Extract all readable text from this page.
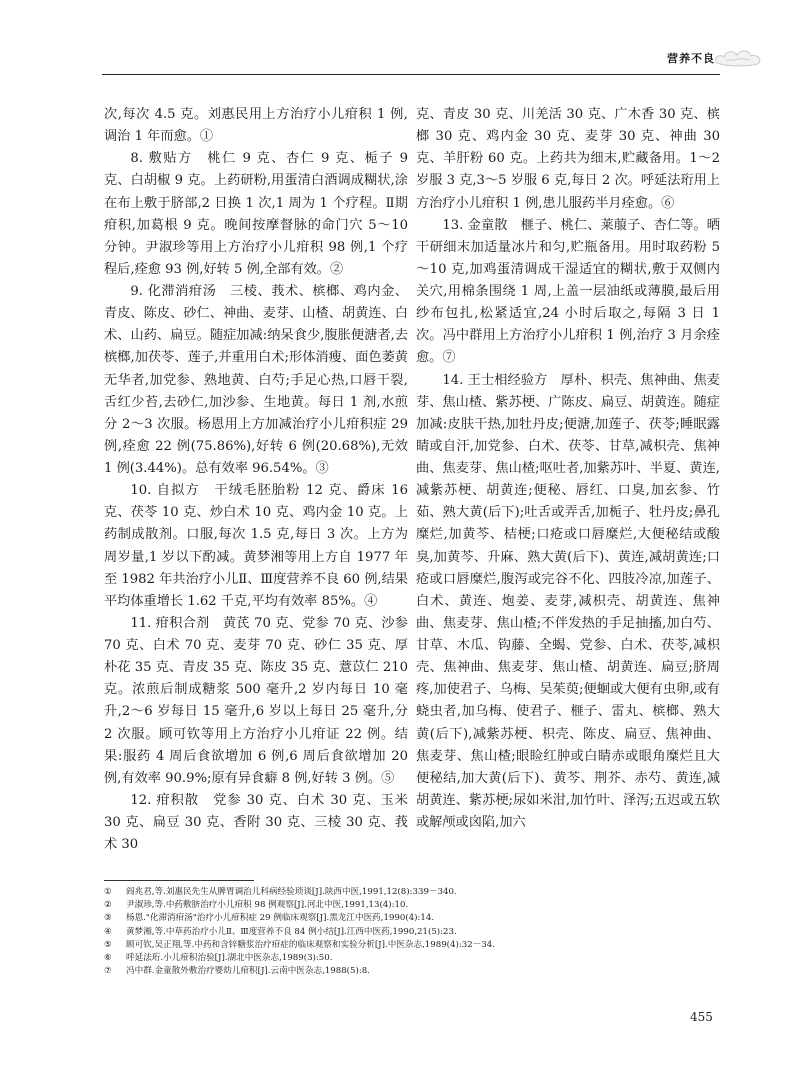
营养不良

次,每次 4.5 克。刘惠民用上方治疗小儿疳积 1 例,调治 1 年而愈。①

8. 敷贴方　桃仁 9 克、杏仁 9 克、栀子 9 克、白胡椒 9 克。上药研粉,用蛋清白酒调成糊状,涂在布上敷于脐部,2 日换 1 次,1 周为 1 个疗程。Ⅱ期疳积,加葛根 9 克。晚间按摩督脉的命门穴 5～10 分钟。尹淑珍等用上方治疗小儿疳积 98 例,1 个疗程后,痊愈 93 例,好转 5 例,全部有效。②

9. 化滞消疳汤　三棱、莪术、槟榔、鸡内金、青皮、陈皮、砂仁、神曲、麦芽、山楂、胡黄连、白术、山药、扁豆。随症加减:纳呆食少,腹胀便溏者,去槟榔,加茯苓、莲子,并重用白术;形体消瘦、面色萎黄无华者,加党参、熟地黄、白芍;手足心热,口唇干裂,舌红少苔,去砂仁,加沙参、生地黄。每日 1 剂,水煎分 2～3 次服。杨恩用上方加减治疗小儿疳积症 29 例,痊愈 22 例(75.86%),好转 6 例(20.68%),无效 1 例(3.44%)。总有效率 96.54%。③

10. 自拟方　干绒毛胚胎粉 12 克、爵床 16 克、茯苓 10 克、炒白术 10 克、鸡内金 10 克。上药制成散剂。口服,每次 1.5 克,每日 3 次。上方为周岁量,1 岁以下酌减。黄梦湘等用上方自 1977 年至 1982 年共治疗小儿Ⅱ、Ⅲ度营养不良 60 例,结果平均体重增长 1.62 千克,平均有效率 85%。④

11. 疳积合剂　黄芪 70 克、党参 70 克、沙参 70 克、白术 70 克、麦芽 70 克、砂仁 35 克、厚朴花 35 克、青皮 35 克、陈皮 35 克、薏苡仁 210 克。浓煎后制成糖浆 500 毫升,2 岁内每日 10 毫升,2～6 岁每日 15 毫升,6 岁以上每日 25 毫升,分 2 次服。顾可钦等用上方治疗小儿疳证 22 例。结果:服药 4 周后食欲增加 6 例,6 周后食欲增加 20 例,有效率 90.9%;原有异食癖 8 例,好转 3 例。⑤

12. 疳积散　党参 30 克、白术 30 克、玉米 30 克、扁豆 30 克、香附 30 克、三棱 30 克、莪术 30

克、青皮 30 克、川羌活 30 克、广木香 30 克、槟榔 30 克、鸡内金 30 克、麦芽 30 克、神曲 30 克、羊肝粉 60 克。上药共为细末,贮藏备用。1～2 岁服 3 克,3～5 岁服 6 克,每日 2 次。呼延法珩用上方治疗小儿疳积 1 例,患儿服药半月痊愈。⑥

13. 金童散　榧子、桃仁、莱菔子、杏仁等。晒干研细末加适量冰片和匀,贮瓶备用。用时取药粉 5～10 克,加鸡蛋清调成干湿适宜的糊状,敷于双侧内关穴,用棉条围绕 1 周,上盖一层油纸或薄膜,最后用纱布包扎,松紧适宜,24 小时后取之,每隔 3 日 1 次。冯中群用上方治疗小儿疳积 1 例,治疗 3 月余痊愈。⑦

14. 王士相经验方　厚朴、枳壳、焦神曲、焦麦芽、焦山楂、紫苏梗、广陈皮、扁豆、胡黄连。随症加减:皮肤干热,加牡丹皮;便溏,加莲子、茯苓;睡眠露睛或自汗,加党参、白术、茯苓、甘草,减枳壳、焦神曲、焦麦芽、焦山楂;呕吐者,加紫苏叶、半夏、黄连,减紫苏梗、胡黄连;便秘、唇红、口臭,加玄参、竹茹、熟大黄(后下);吐舌或弄舌,加栀子、牡丹皮;鼻孔糜烂,加黄芩、桔梗;口疮或口唇糜烂,大便秘结或酸臭,加黄芩、升麻、熟大黄(后下)、黄连,减胡黄连;口疮或口唇糜烂,腹泻或完谷不化、四肢冷凉,加莲子、白术、黄连、炮姜、麦芽,减枳壳、胡黄连、焦神曲、焦麦芽、焦山楂;不伴发热的手足抽搐,加白芍、甘草、木瓜、钩藤、全蝎、党参、白术、茯苓,减枳壳、焦神曲、焦麦芽、焦山楂、胡黄连、扁豆;脐周疼,加使君子、乌梅、吴茱萸;便蛔或大便有虫卵,或有蛲虫者,加乌梅、使君子、榧子、雷丸、槟榔、熟大黄(后下),减紫苏梗、枳壳、陈皮、扁豆、焦神曲、焦麦芽、焦山楂;眼睑红肿或白睛赤或眼角糜烂且大便秘结,加大黄(后下)、黄芩、荆芥、赤芍、黄连,减胡黄连、紫苏梗;尿如米泔,加竹叶、泽泻;五迟或五软或解颅或囟陷,加六

① 阎兆君,等.刘惠民先生从脾胃调治儿科病经验琐谈[J].陕西中医,1991,12(8):339－340.
② 尹淑珍,等.中药敷脐治疗小儿疳积 98 例观察[J].河北中医,1991,13(4):10.
③ 杨恩."化滞消疳汤"治疗小儿疳积症 29 例临床观察[J].黑龙江中医药,1990(4):14.
④ 黄梦湘,等.中草药治疗小儿Ⅱ、Ⅲ度营养不良 84 例小结[J].江西中医药,1990,21(5):23.
⑤ 顾可钦,吴正翔,等.中药和含锌糖浆治疗疳症的临床观察和实验分析[J].中医杂志,1989(4):32－34.
⑥ 呼延法珩.小儿疳积治验[J].湖北中医杂志,1989(3):50.
⑦ 冯中群.金童散外敷治疗婴幼儿疳积[J].云南中医杂志,1988(5):8.
455
